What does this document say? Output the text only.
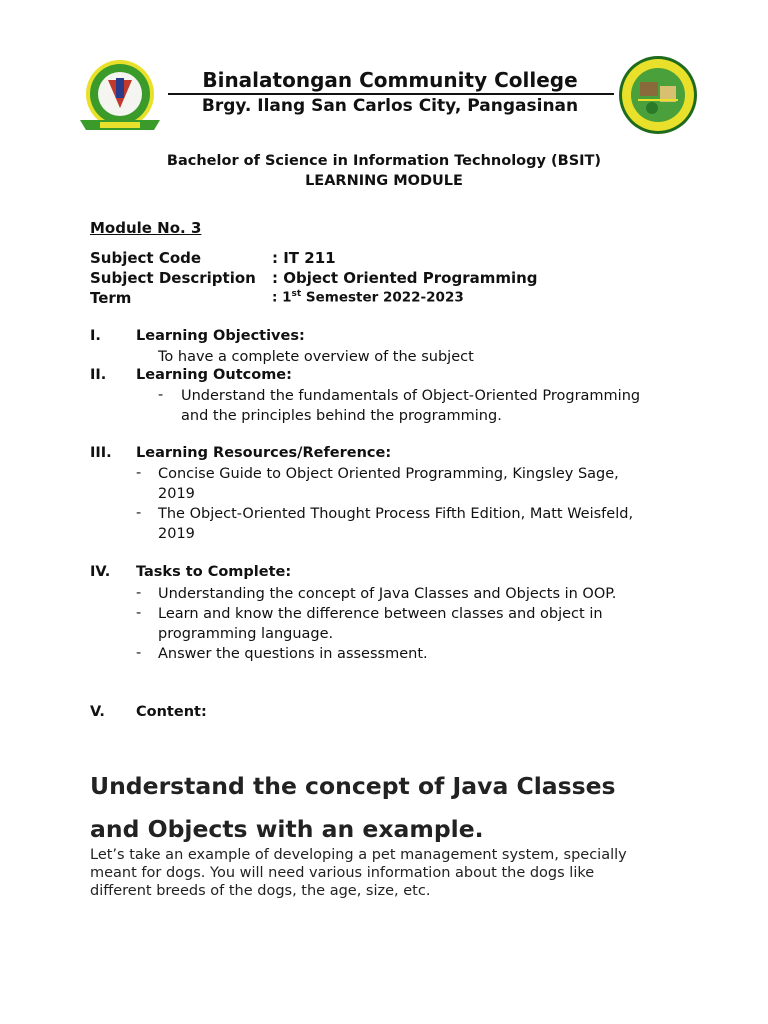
Binalatongan Community College
Brgy. Ilang San Carlos City, Pangasinan
Bachelor of Science in Information Technology (BSIT)
LEARNING MODULE
Module No. 3
Subject Code	: IT 211
Subject Description : Object Oriented Programming
Term	: 1st Semester 2022-2023
I. Learning Objectives:
To have a complete overview of the subject
II. Learning Outcome:
- Understand the fundamentals of Object-Oriented Programming
and the principles behind the programming.
III. Learning Resources/Reference:
- Concise Guide to Object Oriented Programming, Kingsley Sage,
2019
- The Object-Oriented Thought Process Fifth Edition, Matt Weisfeld,
2019
IV. Tasks to Complete:
- Understanding the concept of Java Classes and Objects in OOP.
- Learn and know the difference between classes and object in
programming language.
- Answer the questions in assessment.
V. Content:
Understand the concept of Java Classes
and Objects with an example.
Let’s take an example of developing a pet management system, specially
meant for dogs. You will need various information about the dogs like
different breeds of the dogs, the age, size, etc.
